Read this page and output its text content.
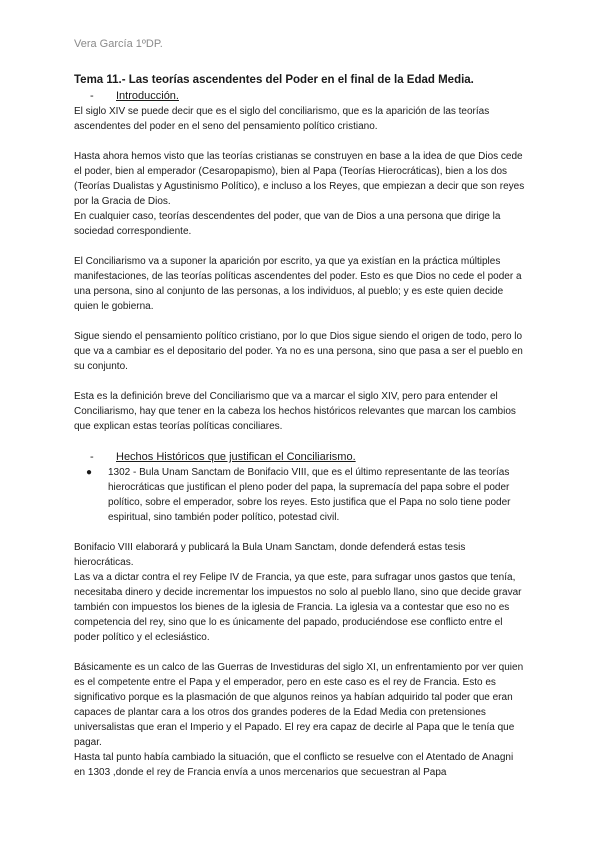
Vera García 1ºDP.
Tema 11.- Las teorías ascendentes del Poder en el final de la Edad Media.
-	Introducción.

El siglo XIV se puede decir que es el siglo del conciliarismo, que es la aparición de las teorías ascendentes del poder en el seno del pensamiento político cristiano.

Hasta ahora hemos visto que las teorías cristianas se construyen en base a la idea de que Dios cede el poder, bien al emperador (Cesaropapismo), bien al Papa (Teorías Hierocráticas), bien a los dos (Teorías Dualistas y Agustinismo Político), e incluso a los Reyes, que empiezan a decir que son reyes por la Gracia de Dios.

En cualquier caso, teorías descendentes del poder, que van de Dios a una persona que dirige la sociedad correspondiente.

El Conciliarismo va a suponer la aparición por escrito, ya que ya existían en la práctica múltiples manifestaciones, de las teorías políticas ascendentes del poder. Esto es que Dios no cede el poder a una persona, sino al conjunto de las personas, a los individuos, al pueblo; y es este quien decide quien le gobierna.

Sigue siendo el pensamiento político cristiano, por lo que Dios sigue siendo el origen de todo, pero lo que va a cambiar es el depositario del poder. Ya no es una persona, sino que pasa a ser el pueblo en su conjunto.

Esta es la definición breve del Conciliarismo que va a marcar el siglo XIV, pero para entender el Conciliarismo, hay que tener en la cabeza los hechos históricos relevantes que marcan los cambios que explican estas teorías políticas conciliares.

-	Hechos Históricos que justifican el Conciliarismo.
●	1302 - Bula Unam Sanctam de Bonifacio VIII, que es el último representante de las teorías hierocráticas que justifican el pleno poder del papa, la supremacía del papa sobre el poder político, sobre el emperador, sobre los reyes. Esto justifica que el Papa no solo tiene poder espiritual, sino también poder político, potestad civil.

Bonifacio VIII elaborará y publicará la Bula Unam Sanctam, donde defenderá estas tesis hierocráticas.

Las va a dictar contra el rey Felipe IV de Francia, ya que este, para sufragar unos gastos que tenía, necesitaba dinero y decide incrementar los impuestos no solo al pueblo llano, sino que decide gravar también con impuestos los bienes de la iglesia de Francia. La iglesia va a contestar que eso no es competencia del rey, sino que lo es únicamente del papado, produciéndose ese conflicto entre el poder político y el eclesiástico.

Básicamente es un calco de las Guerras de Investiduras del siglo XI, un enfrentamiento por ver quien es el competente entre el Papa y el emperador, pero en este caso es el rey de Francia. Esto es significativo porque es la plasmación de que algunos reinos ya habían adquirido tal poder que eran capaces de plantar cara a los otros dos grandes poderes de la Edad Media con pretensiones universalistas que eran el Imperio y el Papado. El rey era capaz de decirle al Papa que le tenía que pagar.

Hasta tal punto había cambiado la situación, que el conflicto se resuelve con el Atentado de Anagni en 1303 ,donde el rey de Francia envía a unos mercenarios que secuestran al Papa
